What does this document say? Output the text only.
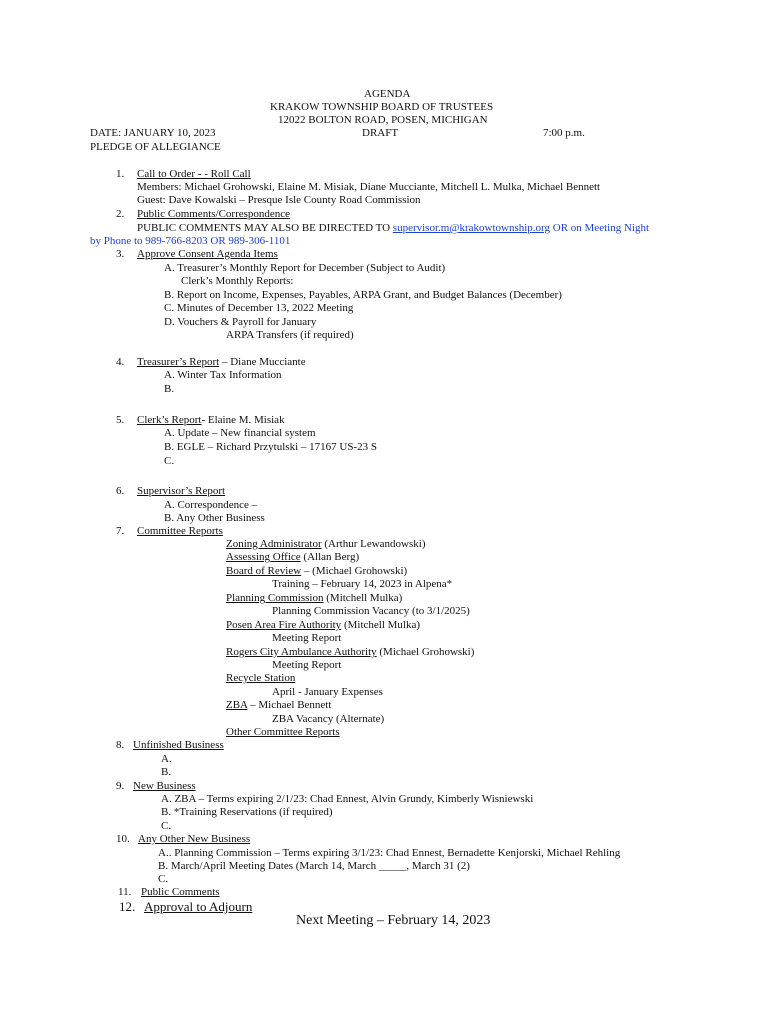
AGENDA
KRAKOW TOWNSHIP BOARD OF TRUSTEES
12022 BOLTON ROAD, POSEN, MICHIGAN
DATE: JANUARY 10, 2023	DRAFT	7:00 p.m.
PLEDGE OF ALLEGIANCE
1. Call to Order - - Roll Call
Members: Michael Grohowski, Elaine M. Misiak, Diane Mucciante, Mitchell L. Mulka, Michael Bennett
Guest: Dave Kowalski – Presque Isle County Road Commission
2. Public Comments/Correspondence
PUBLIC COMMENTS MAY ALSO BE DIRECTED TO supervisor.m@krakowtownship.org OR on Meeting Night
by Phone to 989-766-8203 OR 989-306-1101
3. Approve Consent Agenda Items
A. Treasurer’s Monthly Report for December (Subject to Audit)
Clerk’s Monthly Reports:
B. Report on Income, Expenses, Payables, ARPA Grant, and Budget Balances (December)
C. Minutes of December 13, 2022 Meeting
D. Vouchers & Payroll for January
ARPA Transfers (if required)
4. Treasurer’s Report – Diane Mucciante
A. Winter Tax Information
B.
5. Clerk’s Report- Elaine M. Misiak
A. Update – New financial system
B. EGLE – Richard Przytulski – 17167 US-23 S
C.
6. Supervisor’s Report
A. Correspondence –
B. Any Other Business
7. Committee Reports
Zoning Administrator (Arthur Lewandowski)
Assessing Office (Allan Berg)
Board of Review – (Michael Grohowski)
Training – February 14, 2023 in Alpena*
Planning Commission (Mitchell Mulka)
Planning Commission Vacancy (to 3/1/2025)
Posen Area Fire Authority (Mitchell Mulka)
Meeting Report
Rogers City Ambulance Authority (Michael Grohowski)
Meeting Report
Recycle Station
April - January Expenses
ZBA – Michael Bennett
ZBA Vacancy (Alternate)
Other Committee Reports
8. Unfinished Business
A.
B.
9. New Business
A. ZBA – Terms expiring 2/1/23: Chad Ennest, Alvin Grundy, Kimberly Wisniewski
B. *Training Reservations (if required)
C.
10. Any Other New Business
A.. Planning Commission – Terms expiring 3/1/23: Chad Ennest, Bernadette Kenjorski, Michael Rehling
B. March/April Meeting Dates (March 14, March _____, March 31 (2)
C.
11. Public Comments
12. Approval to Adjourn
Next Meeting – February 14, 2023
